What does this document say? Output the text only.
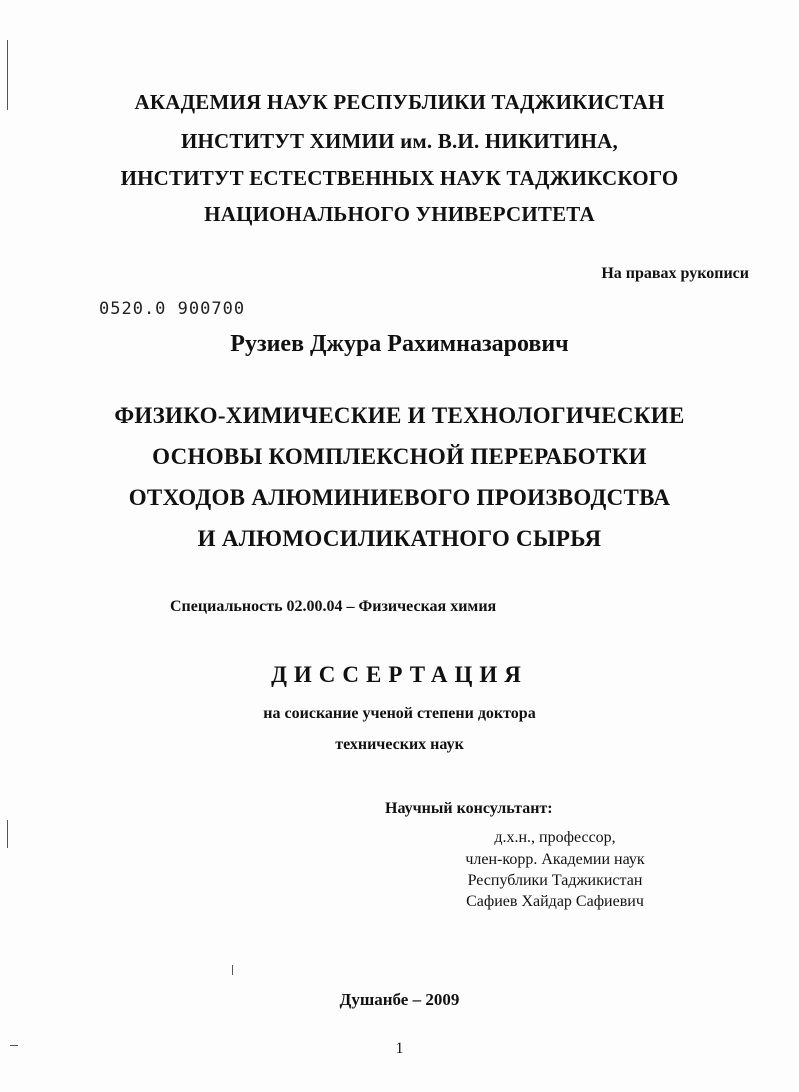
АКАДЕМИЯ НАУК РЕСПУБЛИКИ ТАДЖИКИСТАН
ИНСТИТУТ ХИМИИ им. В.И. НИКИТИНА,
ИНСТИТУТ ЕСТЕСТВЕННЫХ НАУК ТАДЖИКСКОГО
НАЦИОНАЛЬНОГО УНИВЕРСИТЕТА
На правах рукописи
0520.0 900700
Рузиев Джура Рахимназарович
ФИЗИКО-ХИМИЧЕСКИЕ И ТЕХНОЛОГИЧЕСКИЕ
ОСНОВЫ КОМПЛЕКСНОЙ ПЕРЕРАБОТКИ
ОТХОДОВ АЛЮМИНИЕВОГО ПРОИЗВОДСТВА
И АЛЮМОСИЛИКАТНОГО СЫРЬЯ
Специальность 02.00.04 – Физическая химия
ДИССЕРТАЦИЯ
на соискание ученой степени доктора
технических наук
Научный консультант:
д.х.н., профессор,
член-корр. Академии наук
Республики Таджикистан
Сафиев Хайдар Сафиевич
Душанбе – 2009
1
